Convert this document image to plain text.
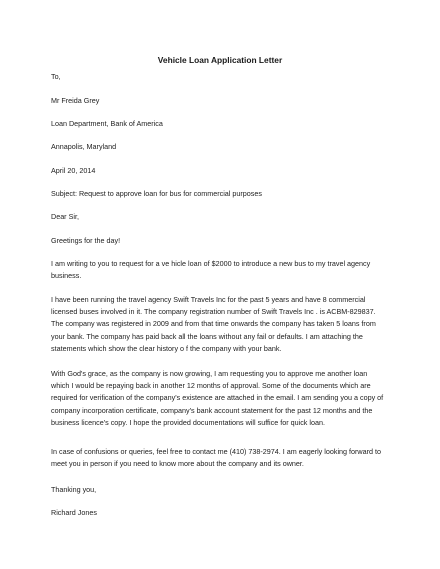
Vehicle Loan Application Letter
To,
Mr Freida Grey
Loan Department, Bank of America
Annapolis, Maryland
April 20, 2014
Subject: Request to approve loan for bus for commercial purposes
Dear Sir,
Greetings for the day!
I am writing to you to request for a ve hicle loan of $2000 to introduce a new bus to my travel agency
business.
I have been running the travel agency Swift Travels Inc for the past 5 years and have 8 commercial
licensed buses involved in it. The company registration number of Swift Travels Inc . is ACBM-829837.
The company was registered in 2009 and from that time onwards the company has taken 5 loans from
your bank. The company has paid back all the loans without any fail or defaults. I am attaching the
statements which show the clear history o f the company with your bank.
With God's grace, as the company is now growing, I am requesting you to approve me another loan
which I would be repaying back in another 12 months of approval. Some of the documents which are
required for verification of the company's existence are attached in the email. I am sending you a copy of
company incorporation certificate, company's bank account statement for the past 12 months and the
business licence's copy. I hope the provided documentations will suffice for quick loan.
In case of confusions or queries, feel free to contact me (410) 738-2974. I am eagerly looking forward to
meet you in person if you need to know more about the company and its owner.
Thanking you,
Richard Jones
